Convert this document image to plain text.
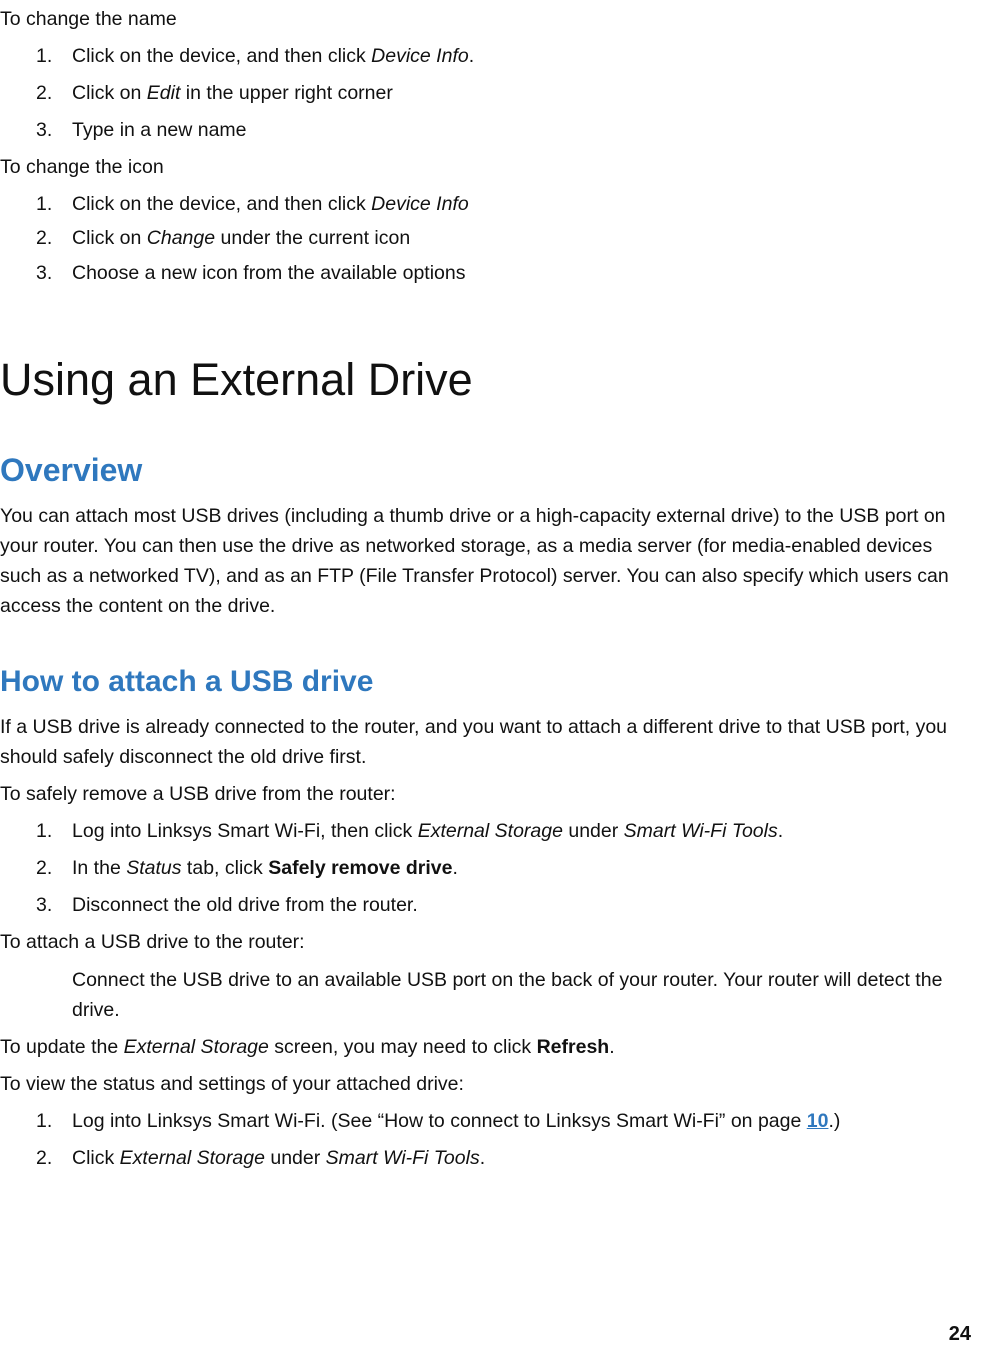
To change the name
1.	Click on the device, and then click Device Info.
2.	Click on Edit in the upper right corner
3.	Type in a new name
To change the icon
1.	Click on the device, and then click Device Info
2.	Click on Change under the current icon
3.	Choose a new icon from the available options
Using an External Drive
Overview

You can attach most USB drives (including a thumb drive or a high-capacity external drive) to the USB port on your router. You can then use the drive as networked storage, as a media server (for media-enabled devices such as a networked TV), and as an FTP (File Transfer Protocol) server. You can also specify which users can access the content on the drive.

How to attach a USB drive

If a USB drive is already connected to the router, and you want to attach a different drive to that USB port, you should safely disconnect the old drive first.

To safely remove a USB drive from the router:
1.	Log into Linksys Smart Wi-Fi, then click External Storage under Smart Wi-Fi Tools.
2.	In the Status tab, click Safely remove drive.
3.	Disconnect the old drive from the router.
To attach a USB drive to the router:

Connect the USB drive to an available USB port on the back of your router. Your router will detect the drive.

To update the External Storage screen, you may need to click Refresh.
To view the status and settings of your attached drive:
1.	Log into Linksys Smart Wi-Fi. (See “How to connect to Linksys Smart Wi-Fi” on page 10.)
2.	Click External Storage under Smart Wi-Fi Tools.
24
